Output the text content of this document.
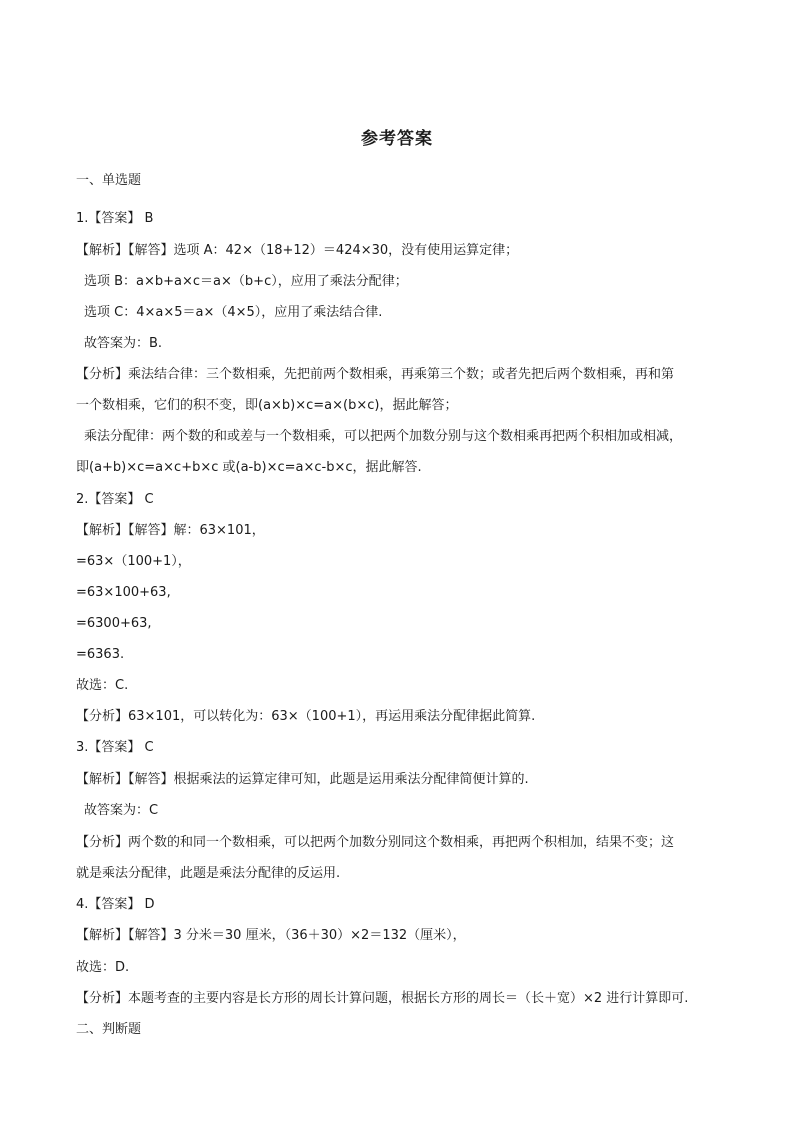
参考答案
一、单选题
1.【答案】 B
【解析】【解答】选项 A：42×（18+12）＝424×30，没有使用运算定律；
选项 B：a×b+a×c＝a×（b+c），应用了乘法分配律；
选项 C：4×a×5＝a×（4×5），应用了乘法结合律.
故答案为：B.
【分析】乘法结合律：三个数相乘，先把前两个数相乘，再乘第三个数；或者先把后两个数相乘，再和第
一个数相乘，它们的积不变，即(a×b)×c=a×(b×c)，据此解答；
乘法分配律：两个数的和或差与一个数相乘，可以把两个加数分别与这个数相乘再把两个积相加或相减，
即(a+b)×c=a×c+b×c 或(a-b)×c=a×c-b×c，据此解答.
2.【答案】 C
【解析】【解答】解：63×101，
=63×（100+1），
=63×100+63,
=6300+63,
=6363.
故选：C.
【分析】63×101，可以转化为：63×（100+1），再运用乘法分配律据此简算.
3.【答案】 C
【解析】【解答】根据乘法的运算定律可知，此题是运用乘法分配律简便计算的.
故答案为：C
【分析】两个数的和同一个数相乘，可以把两个加数分别同这个数相乘，再把两个积相加，结果不变；这
就是乘法分配律，此题是乘法分配律的反运用.
4.【答案】 D
【解析】【解答】3 分米＝30 厘米，（36＋30）×2＝132（厘米），
故选：D.
【分析】本题考查的主要内容是长方形的周长计算问题，根据长方形的周长＝（长＋宽）×2 进行计算即可.
二、判断题
